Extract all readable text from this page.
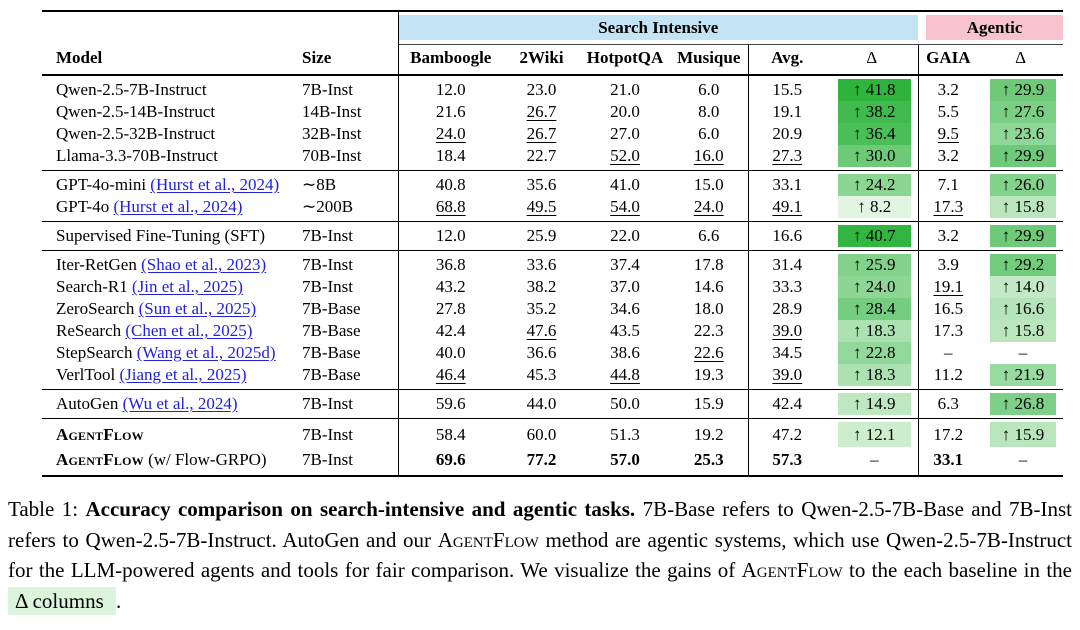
		Search Intensive						Agentic	

Model	Size	Bamboogle	2Wiki	HotpotQA	Musique	Avg.	Δ	GAIA	Δ
Qwen-2.5-7B-Instruct	7B-Inst	12.0	23.0	21.0	6.0	15.5	↑ 41.8	3.2	↑ 29.9

Qwen-2.5-14B-Instruct	14B-Inst	21.6	26.7	20.0	8.0	19.1	↑ 38.2	5.5	↑ 27.6

Qwen-2.5-32B-Instruct	32B-Inst	24.0	26.7	27.0	6.0	20.9	↑ 36.4	9.5	↑ 23.6

Llama-3.3-70B-Instruct	70B-Inst	18.4	22.7	52.0	16.0	27.3	↑ 30.0	3.2	↑ 29.9

GPT-4o-mini (Hurst et al., 2024)	∼8B	40.8	35.6	41.0	15.0	33.1	↑ 24.2	7.1	↑ 26.0

GPT-4o (Hurst et al., 2024)	∼200B	68.8	49.5	54.0	24.0	49.1	↑ 8.2	17.3	↑ 15.8

Supervised Fine-Tuning (SFT)	7B-Inst	12.0	25.9	22.0	6.6	16.6	↑ 40.7	3.2	↑ 29.9

Iter-RetGen (Shao et al., 2023)	7B-Inst	36.8	33.6	37.4	17.8	31.4	↑ 25.9	3.9	↑ 29.2

Search-R1 (Jin et al., 2025)	7B-Inst	43.2	38.2	37.0	14.6	33.3	↑ 24.0	19.1	↑ 14.0

ZeroSearch (Sun et al., 2025)	7B-Base	27.8	35.2	34.6	18.0	28.9	↑ 28.4	16.5	↑ 16.6

ReSearch (Chen et al., 2025)	7B-Base	42.4	47.6	43.5	22.3	39.0	↑ 18.3	17.3	↑ 15.8

StepSearch (Wang et al., 2025d)	7B-Base	40.0	36.6	38.6	22.6	34.5	↑ 22.8	–	–

VerlTool (Jiang et al., 2025)	7B-Base	46.4	45.3	44.8	19.3	39.0	↑ 18.3	11.2	↑ 21.9

AutoGen (Wu et al., 2024)	7B-Inst	59.6	44.0	50.0	15.9	42.4	↑ 14.9	6.3	↑ 26.8

AgentFlow	7B-Inst	58.4	60.0	51.3	19.2	47.2	↑ 12.1	17.2	↑ 15.9

AgentFlow (w/ Flow-GRPO)	7B-Inst	69.6	77.2	57.0	25.3	57.3	–	33.1	–

Table 1: Accuracy comparison on search-intensive and agentic tasks. 7B-Base refers to Qwen-2.5-7B-Base and 7B-Inst refers to Qwen-2.5-7B-Instruct. AutoGen and our AgentFlow method are agentic systems, which use Qwen-2.5-7B-Instruct for the LLM-powered agents and tools for fair comparison. We visualize the gains of AgentFlow to the each baseline in the Δ columns .
